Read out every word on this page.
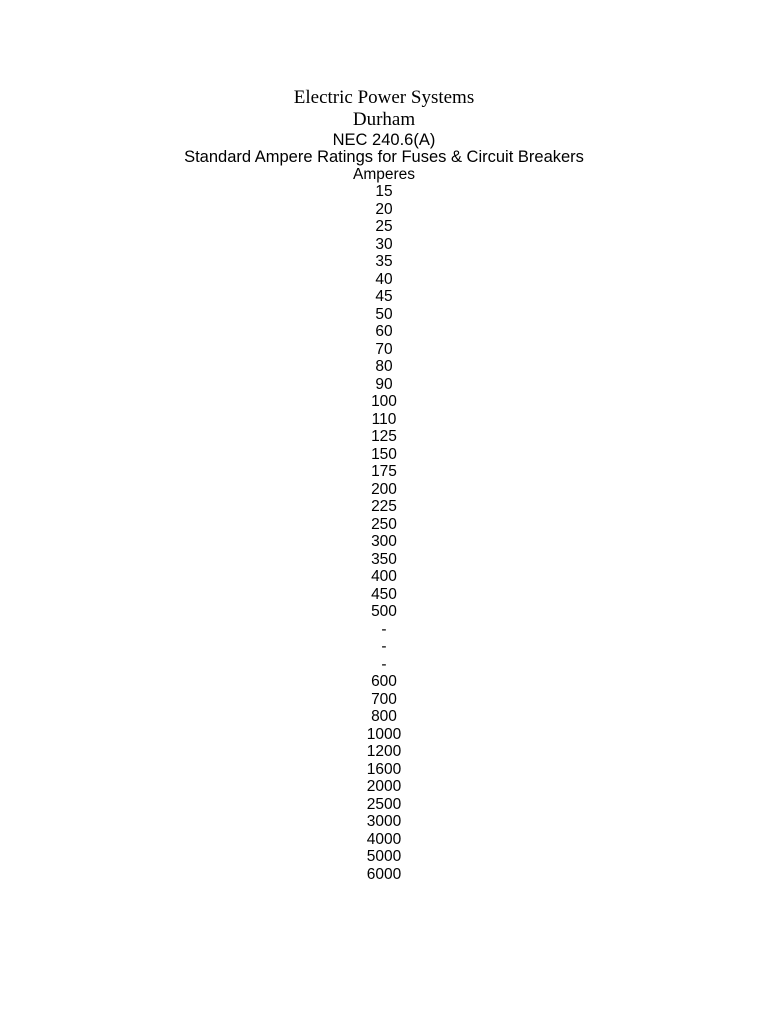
Electric Power Systems
Durham
NEC 240.6(A)
Standard Ampere Ratings for Fuses & Circuit Breakers
Amperes
15
20
25
30
35
40
45
50
60
70
80
90
100
110
125
150
175
200
225
250
300
350
400
450
500
-
-
-
600
700
800
1000
1200
1600
2000
2500
3000
4000
5000
6000
